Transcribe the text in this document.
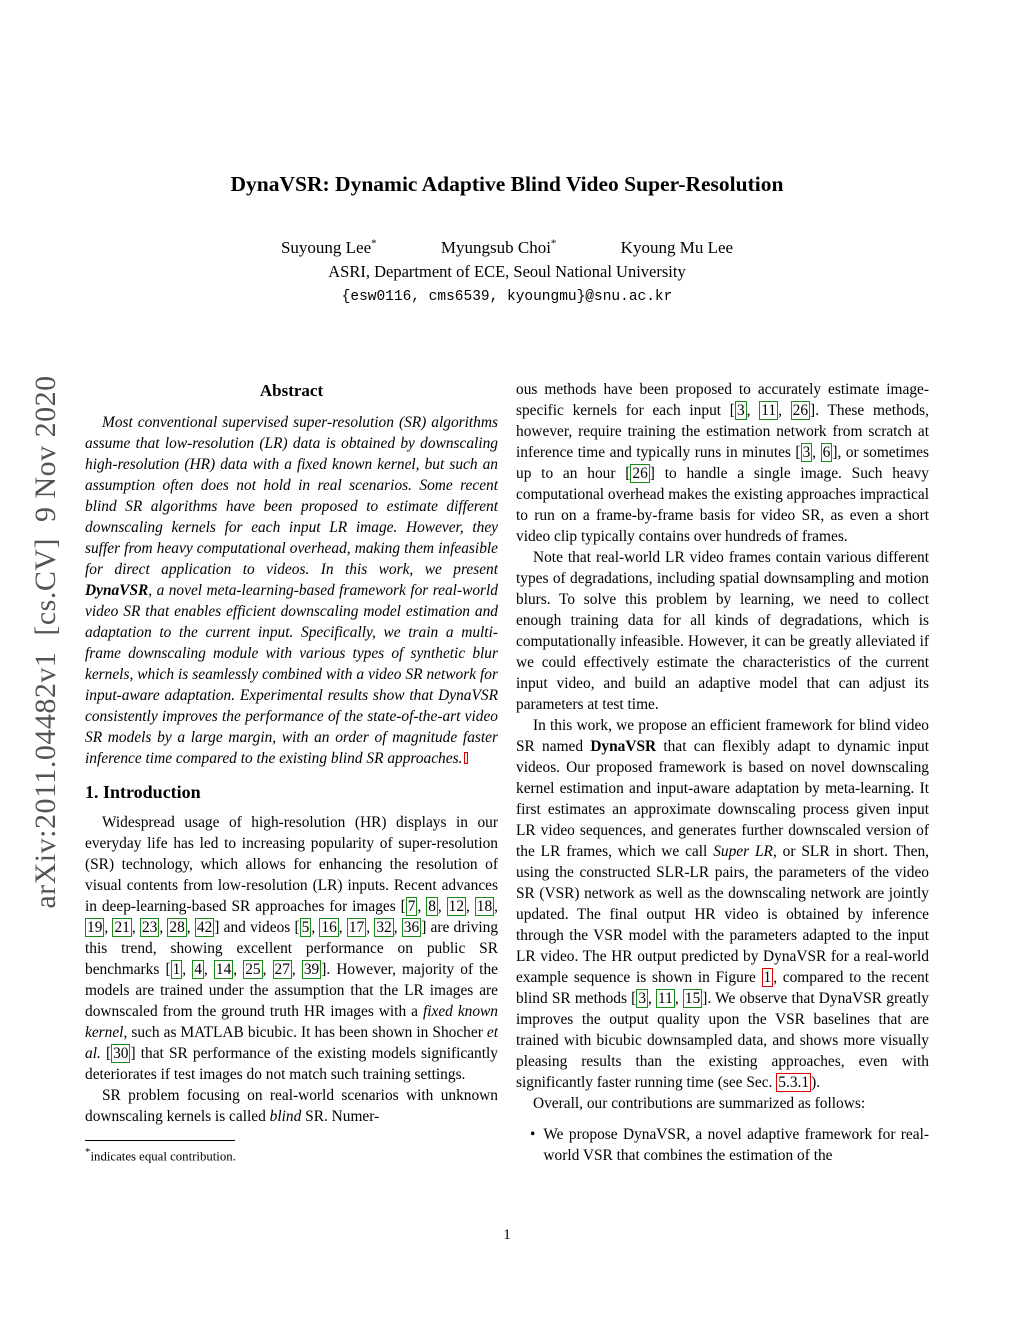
arXiv:2011.04482v1  [cs.CV]  9 Nov 2020
DynaVSR: Dynamic Adaptive Blind Video Super-Resolution
Suyoung Lee*	Myungsub Choi*	Kyoung Mu Lee
ASRI, Department of ECE, Seoul National University
{esw0116, cms6539, kyoungmu}@snu.ac.kr
Abstract

Most conventional supervised super-resolution (SR) algorithms assume that low-resolution (LR) data is obtained by downscaling high-resolution (HR) data with a fixed known kernel, but such an assumption often does not hold in real scenarios. Some recent blind SR algorithms have been proposed to estimate different downscaling kernels for each input LR image. However, they suffer from heavy computational overhead, making them infeasible for direct application to videos. In this work, we present DynaVSR, a novel meta-learning-based framework for real-world video SR that enables efficient downscaling model estimation and adaptation to the current input. Specifically, we train a multi-frame downscaling module with various types of synthetic blur kernels, which is seamlessly combined with a video SR network for input-aware adaptation. Experimental results show that DynaVSR consistently improves the performance of the state-of-the-art video SR models by a large margin, with an order of magnitude faster inference time compared to the existing blind SR approaches.

1. Introduction

Widespread usage of high-resolution (HR) displays in our everyday life has led to increasing popularity of super-resolution (SR) technology, which allows for enhancing the resolution of visual contents from low-resolution (LR) inputs. Recent advances in deep-learning-based SR approaches for images [ 7 , 8 , 12 , 18 , 19 , 21 , 23 , 28 , 42 ] and videos [ 5 , 16 , 17 , 32 , 36 ] are driving this trend, showing excellent performance on public SR benchmarks [ 1 , 4 , 14 , 25 , 27 , 39 ]. However, majority of the models are trained under the assumption that the LR images are downscaled from the ground truth HR images with a fixed known kernel, such as MATLAB bicubic. It has been shown in Shocher et al. [ 30 ] that SR performance of the existing models significantly deteriorates if test images do not match such training settings.

SR problem focusing on real-world scenarios with unknown downscaling kernels is called blind SR. Numer-

*indicates equal contribution.

ous methods have been proposed to accurately estimate image-specific kernels for each input [ 3 , 11 , 26 ]. These methods, however, require training the estimation network from scratch at inference time and typically runs in minutes [ 3 , 6 ], or sometimes up to an hour [ 26 ] to handle a single image. Such heavy computational overhead makes the existing approaches impractical to run on a frame-by-frame basis for video SR, as even a short video clip typically contains over hundreds of frames.

Note that real-world LR video frames contain various different types of degradations, including spatial downsampling and motion blurs. To solve this problem by learning, we need to collect enough training data for all kinds of degradations, which is computationally infeasible. However, it can be greatly alleviated if we could effectively estimate the characteristics of the current input video, and build an adaptive model that can adjust its parameters at test time.

In this work, we propose an efficient framework for blind video SR named DynaVSR that can flexibly adapt to dynamic input videos. Our proposed framework is based on novel downscaling kernel estimation and input-aware adaptation by meta-learning. It first estimates an approximate downscaling process given input LR video sequences, and generates further downscaled version of the LR frames, which we call Super LR, or SLR in short. Then, using the constructed SLR-LR pairs, the parameters of the video SR (VSR) network as well as the downscaling network are jointly updated. The final output HR video is obtained by inference through the VSR model with the parameters adapted to the input LR video. The HR output predicted by DynaVSR for a real-world example sequence is shown in Figure 1 , compared to the recent blind SR methods [ 3 , 11 , 15 ]. We observe that DynaVSR greatly improves the output quality upon the VSR baselines that are trained with bicubic downsampled data, and shows more visually pleasing results than the existing approaches, even with significantly faster running time (see Sec. 5.3.1 ).

Overall, our contributions are summarized as follows:

• We propose DynaVSR, a novel adaptive framework for real-world VSR that combines the estimation of the

1
